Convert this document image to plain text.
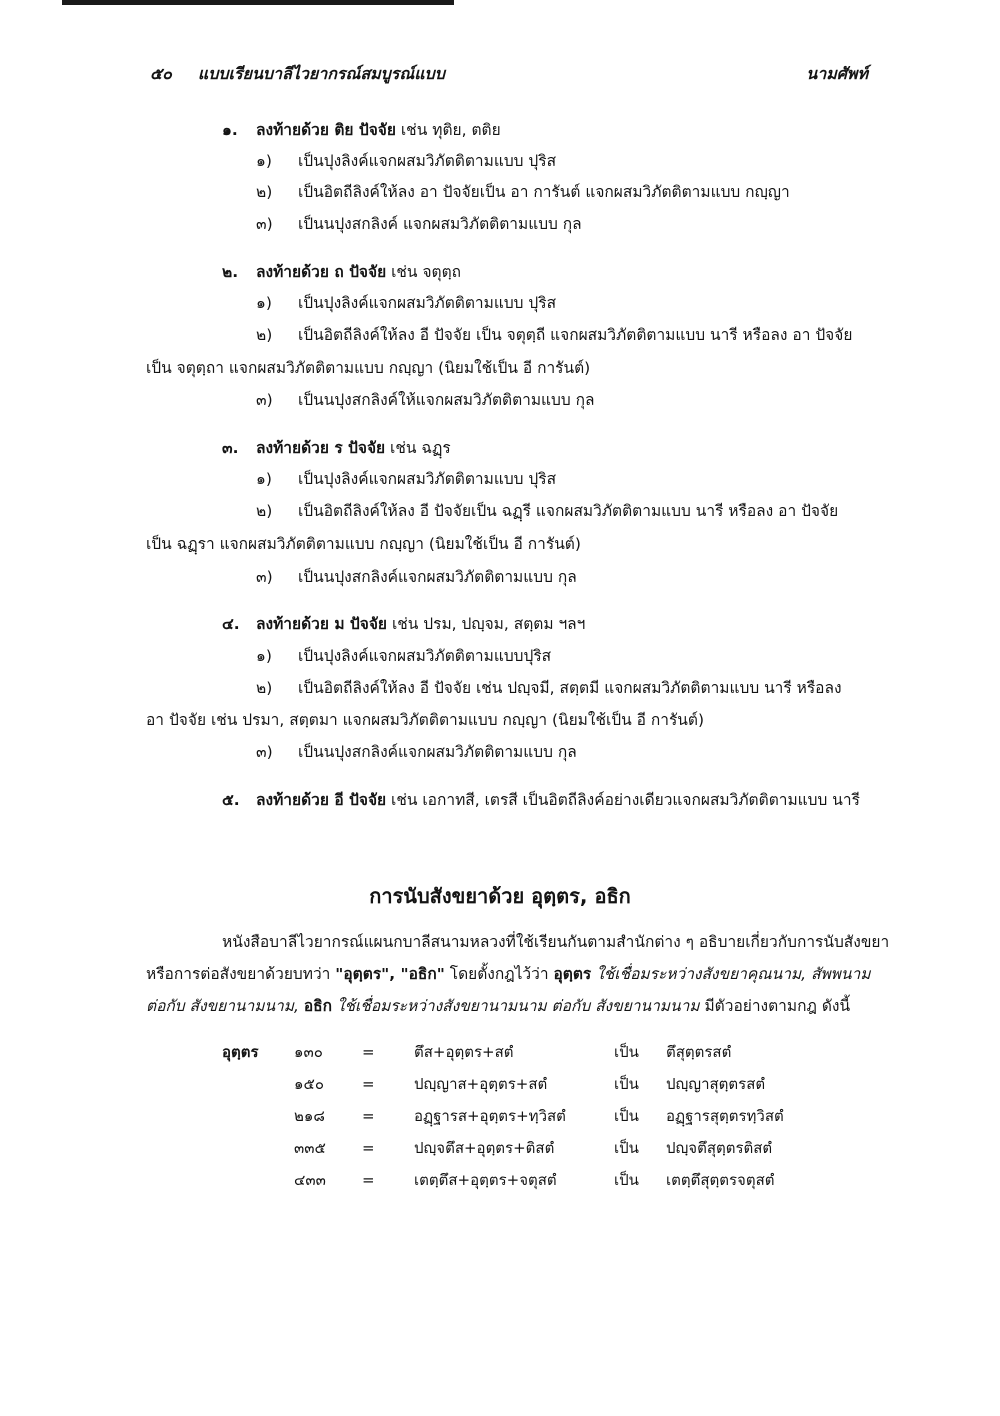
๕๐ แบบเรียนบาลีไวยากรณ์สมบูรณ์แบบ	นามศัพท์
๑. ลงท้ายด้วย ติย ปัจจัย เช่น ทุติย, ตติย
๑) เป็นปุงลิงค์แจกผสมวิภัตติตามแบบ ปุริส
๒) เป็นอิตถีลิงค์ให้ลง อา ปัจจัยเป็น อา การันต์ แจกผสมวิภัตติตามแบบ กญฺญา
๓) เป็นนปุงสกลิงค์ แจกผสมวิภัตติตามแบบ กุล
๒. ลงท้ายด้วย ถ ปัจจัย เช่น จตุตฺถ
๑) เป็นปุงลิงค์แจกผสมวิภัตติตามแบบ ปุริส
๒) เป็นอิตถีลิงค์ให้ลง อี ปัจจัย เป็น จตุตฺถี แจกผสมวิภัตติตามแบบ นารี หรือลง อา ปัจจัย
เป็น จตุตฺถา แจกผสมวิภัตติตามแบบ กญฺญา (นิยมใช้เป็น อี การันต์)
๓) เป็นนปุงสกลิงค์ให้แจกผสมวิภัตติตามแบบ กุล
๓. ลงท้ายด้วย ร ปัจจัย เช่น ฉฏฺร
๑) เป็นปุงลิงค์แจกผสมวิภัตติตามแบบ ปุริส
๒) เป็นอิตถีลิงค์ให้ลง อี ปัจจัยเป็น ฉฏฺรี แจกผสมวิภัตติตามแบบ นารี หรือลง อา ปัจจัย
เป็น ฉฏฺรา แจกผสมวิภัตติตามแบบ กญฺญา (นิยมใช้เป็น อี การันต์)
๓) เป็นนปุงสกลิงค์แจกผสมวิภัตติตามแบบ กุล
๔. ลงท้ายด้วย ม ปัจจัย เช่น ปรม, ปญฺจม, สตฺตม ฯลฯ
๑) เป็นปุงลิงค์แจกผสมวิภัตติตามแบบปุริส
๒) เป็นอิตถีลิงค์ให้ลง อี ปัจจัย เช่น ปญฺจมี, สตฺตมี แจกผสมวิภัตติตามแบบ นารี หรือลง
อา ปัจจัย เช่น ปรมา, สตฺตมา แจกผสมวิภัตติตามแบบ กญฺญา (นิยมใช้เป็น อี การันต์)
๓) เป็นนปุงสกลิงค์แจกผสมวิภัตติตามแบบ กุล
๕. ลงท้ายด้วย อี ปัจจัย เช่น เอกาทสี, เตรสี เป็นอิตถีลิงค์อย่างเดียวแจกผสมวิภัตติตามแบบ นารี
การนับสังขยาด้วย อุตฺตร, อธิก
หนังสือบาลีไวยากรณ์แผนกบาลีสนามหลวงที่ใช้เรียนกันตามสำนักต่าง ๆ อธิบายเกี่ยวกับการนับสังขยา
หรือการต่อสังขยาด้วยบทว่า "อุตฺตร", "อธิก" โดยตั้งกฎไว้ว่า อุตฺตร ใช้เชื่อมระหว่างสังขยาคุณนาม, สัพพนาม
ต่อกับ สังขยานามนาม, อธิก ใช้เชื่อมระหว่างสังขยานามนาม ต่อกับ สังขยานามนาม มีตัวอย่างตามกฎ ดังนี้
อุตฺตร ๑๓๐	=	ตึส+อุตฺตร+สตํ	เป็น ตึสุตฺตรสตํ
๑๕๐	=	ปญฺญาส+อุตฺตร+สตํ	เป็น ปญฺญาสุตฺตรสตํ
๒๑๘ =	อฏฺฐารส+อุตฺตร+ทฺวิสตํ	เป็น อฏฺฐารสุตฺตรทฺวิสตํ
๓๓๕ =	ปญฺจตึส+อุตฺตร+ติสตํ	เป็น ปญฺจตึสุตฺตรติสตํ
๔๓๓ =	เตตฺตึส+อุตฺตร+จตุสตํ	เป็น เตตฺตึสุตฺตรจตุสตํ
